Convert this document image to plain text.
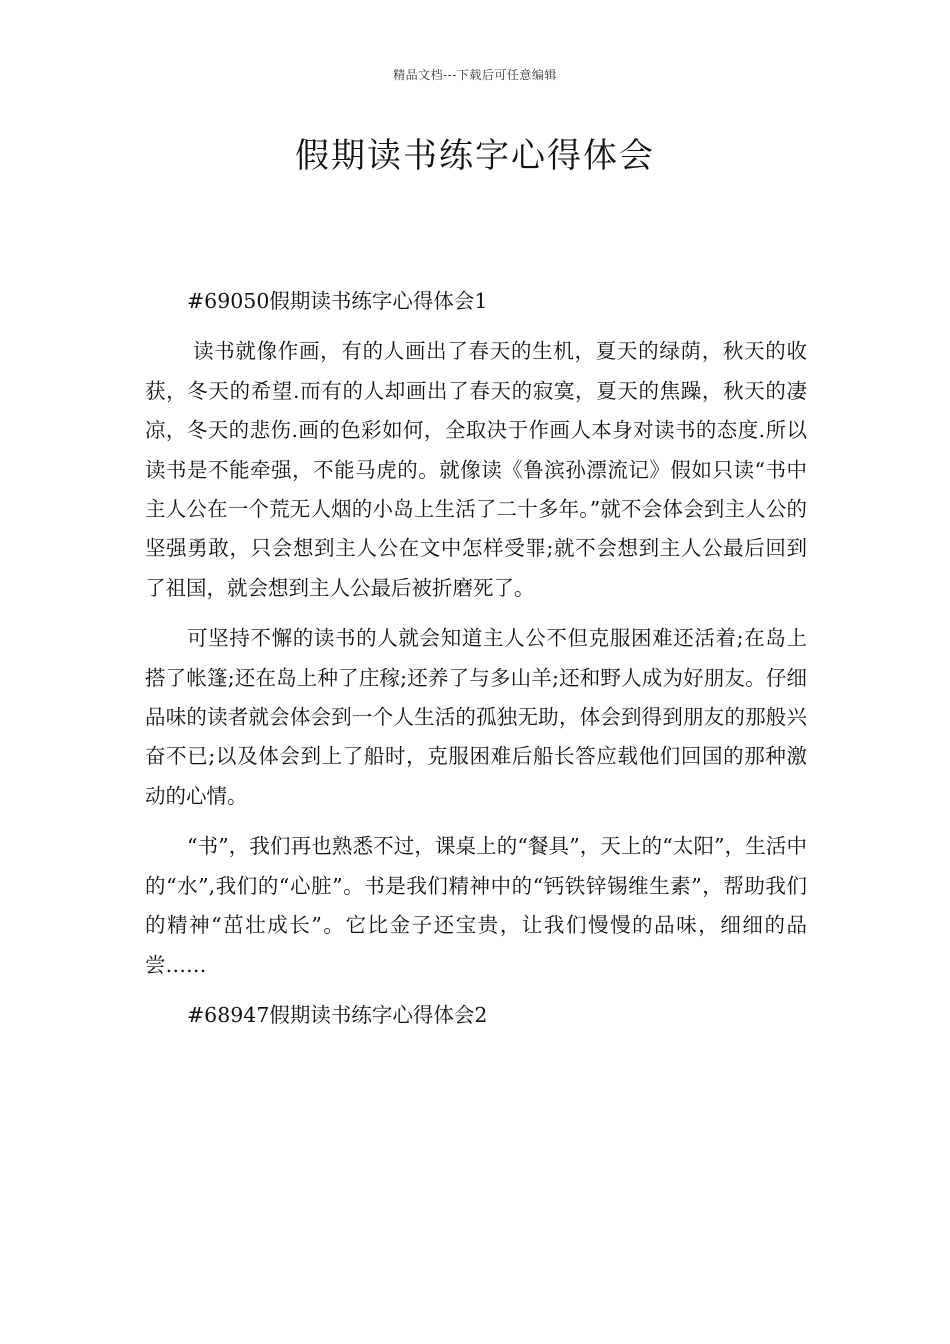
精品文档---下载后可任意编辑
假期读书练字心得体会

#69050假期读书练字心得体会1

读书就像作画，有的人画出了春天的生机，夏天的绿荫，秋天的收获，冬天的希望.而有的人却画出了春天的寂寞，夏天的焦躁，秋天的凄凉，冬天的悲伤.画的色彩如何，全取决于作画人本身对读书的态度.所以读书是不能牵强，不能马虎的。就像读《鲁滨孙漂流记》假如只读“书中主人公在一个荒无人烟的小岛上生活了二十多年。”就不会体会到主人公的坚强勇敢，只会想到主人公在文中怎样受罪;就不会想到主人公最后回到了祖国，就会想到主人公最后被折磨死了。

可坚持不懈的读书的人就会知道主人公不但克服困难还活着;在岛上搭了帐篷;还在岛上种了庄稼;还养了与多山羊;还和野人成为好朋友。仔细品味的读者就会体会到一个人生活的孤独无助，体会到得到朋友的那般兴奋不已;以及体会到上了船时，克服困难后船长答应载他们回国的那种激动的心情。

“书”，我们再也熟悉不过，课桌上的“餐具”，天上的“太阳”，生活中的“水”,我们的“心脏”。书是我们精神中的“钙铁锌锡维生素”，帮助我们的精神“茁壮成长”。它比金子还宝贵，让我们慢慢的品味，细细的品尝……

#68947假期读书练字心得体会2
